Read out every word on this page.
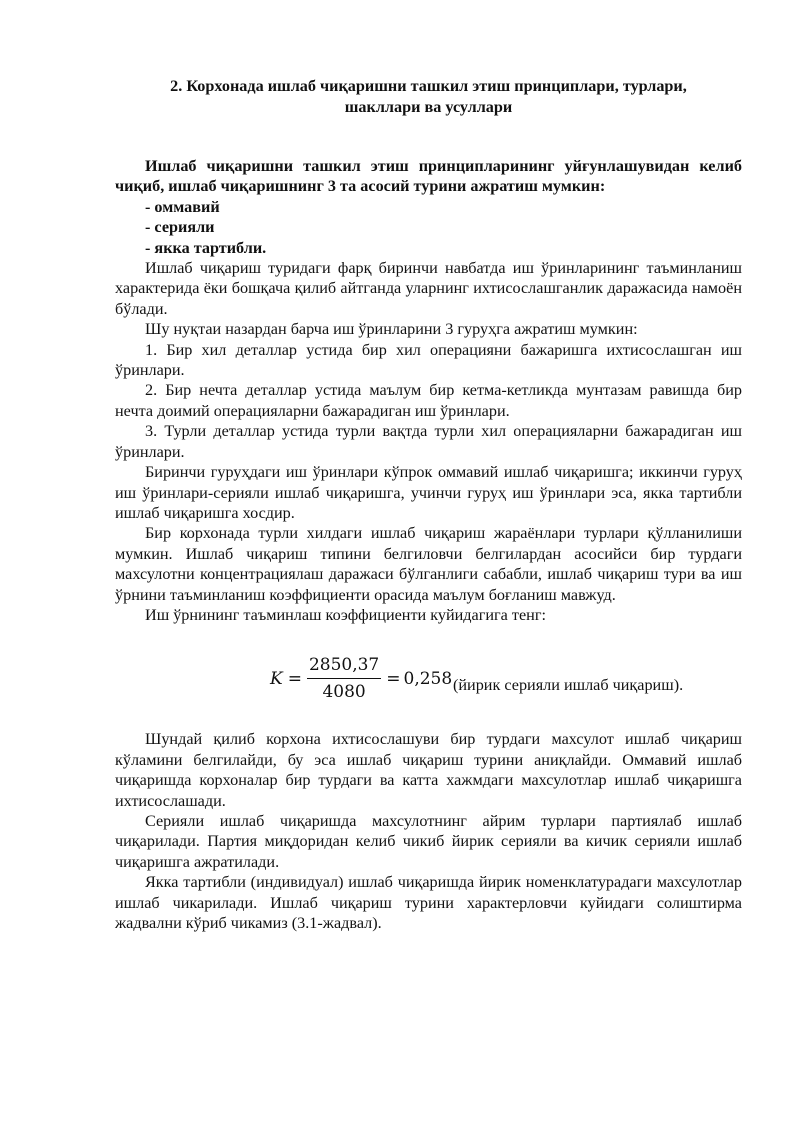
2. Корхонада ишлаб чиқаришни ташкил этиш принциплари, турлари, шакллари ва усуллари

Ишлаб чиқаришни ташкил этиш принципларининг уйғунлашувидан келиб чиқиб, ишлаб чиқаришнинг 3 та асосий турини ажратиш мумкин:

- оммавий
- серияли
- якка тартибли.

Ишлаб чиқариш туридаги фарқ биринчи навбатда иш ўринларининг таъминланиш характерида ёки бошқача қилиб айтганда уларнинг ихтисослашганлик даражасида намоён бўлади.

Шу нуқтаи назардан барча иш ўринларини 3 гуруҳга ажратиш мумкин:

1. Бир хил деталлар устида бир хил операцияни бажаришга ихтисослашган иш ўринлари.

2. Бир нечта деталлар устида маълум бир кетма-кетликда мунтазам равишда бир нечта доимий операцияларни бажарадиган иш ўринлари.

3. Турли деталлар устида турли вақтда турли хил операцияларни бажарадиган иш ўринлари.

Биринчи гуруҳдаги иш ўринлари кўпрок оммавий ишлаб чиқаришга; иккинчи гуруҳ иш ўринлари-серияли ишлаб чиқаришга, учинчи гуруҳ иш ўринлари эса, якка тартибли ишлаб чиқаришга хосдир.

Бир корхонада турли хилдаги ишлаб чиқариш жараёнлари турлари қўлланилиши мумкин. Ишлаб чиқариш типини белгиловчи белгилардан асосийси бир турдаги махсулотни концентрациялаш даражаси бўлганлиги сабабли, ишлаб чиқариш тури ва иш ўрнини таъминланиш коэффициенти орасида маълум боғланиш мавжуд.

Иш ўрнининг таъминлаш коэффициенти куйидагига тенг:

$K = \frac{2850,37}{4080} = 0,258$ (йирик серияли ишлаб чиқариш).

Шундай қилиб корхона ихтисослашуви бир турдаги махсулот ишлаб чиқариш кўламини белгилайди, бу эса ишлаб чиқариш турини аниқлайди. Оммавий ишлаб чиқаришда корхоналар бир турдаги ва катта хажмдаги махсулотлар ишлаб чиқаришга ихтисослашади.

Серияли ишлаб чиқаришда махсулотнинг айрим турлари партиялаб ишлаб чиқарилади. Партия миқдоридан келиб чикиб йирик серияли ва кичик серияли ишлаб чиқаришга ажратилади.

Якка тартибли (индивидуал) ишлаб чиқаришда йирик номенклатурадаги махсулотлар ишлаб чикарилади. Ишлаб чиқариш турини характерловчи куйидаги солиштирма жадвални кўриб чикамиз (3.1-жадвал).
